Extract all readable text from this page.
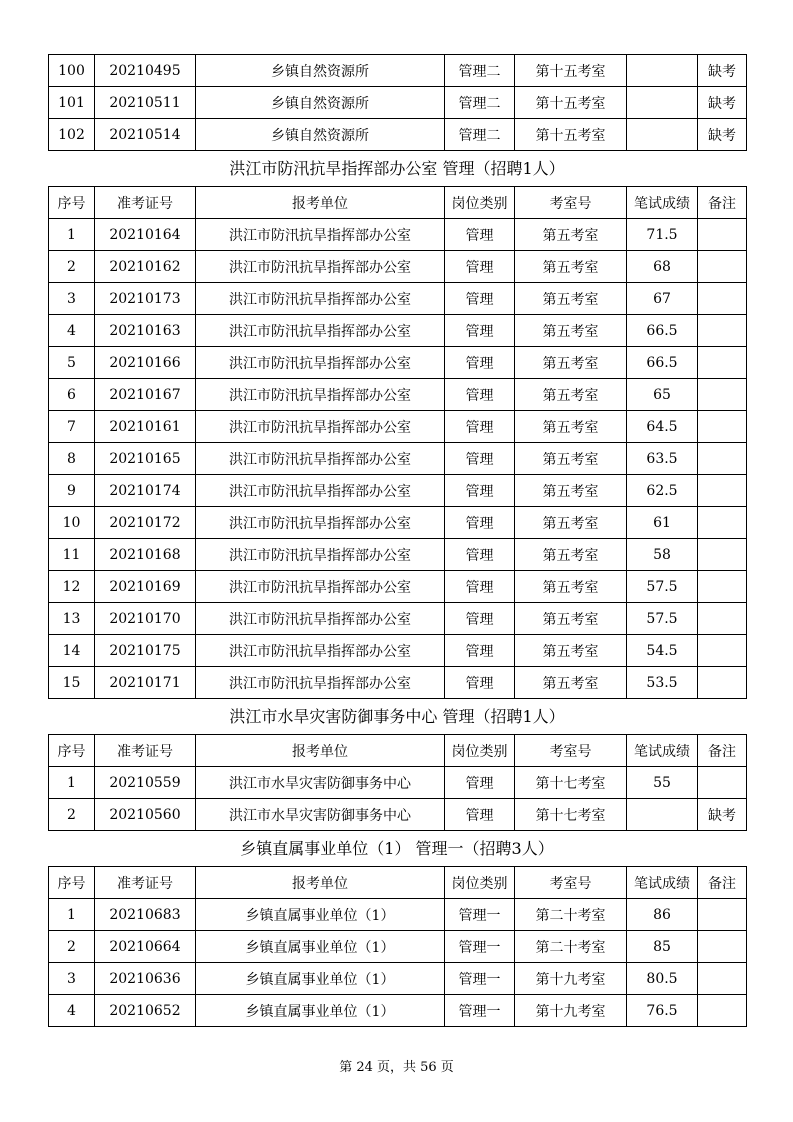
100	20210495	乡镇自然资源所	管理二	第十五考室		缺考
101	20210511	乡镇自然资源所	管理二	第十五考室		缺考
102	20210514	乡镇自然资源所	管理二	第十五考室		缺考
洪江市防汛抗旱指挥部办公室 管理（招聘1人）
序号	准考证号	报考单位	岗位类别	考室号	笔试成绩	备注
1	20210164	洪江市防汛抗旱指挥部办公室	管理	第五考室	71.5	
2	20210162	洪江市防汛抗旱指挥部办公室	管理	第五考室	68	
3	20210173	洪江市防汛抗旱指挥部办公室	管理	第五考室	67	
4	20210163	洪江市防汛抗旱指挥部办公室	管理	第五考室	66.5	
5	20210166	洪江市防汛抗旱指挥部办公室	管理	第五考室	66.5	
6	20210167	洪江市防汛抗旱指挥部办公室	管理	第五考室	65	
7	20210161	洪江市防汛抗旱指挥部办公室	管理	第五考室	64.5	
8	20210165	洪江市防汛抗旱指挥部办公室	管理	第五考室	63.5	
9	20210174	洪江市防汛抗旱指挥部办公室	管理	第五考室	62.5	
10	20210172	洪江市防汛抗旱指挥部办公室	管理	第五考室	61	
11	20210168	洪江市防汛抗旱指挥部办公室	管理	第五考室	58	
12	20210169	洪江市防汛抗旱指挥部办公室	管理	第五考室	57.5	
13	20210170	洪江市防汛抗旱指挥部办公室	管理	第五考室	57.5	
14	20210175	洪江市防汛抗旱指挥部办公室	管理	第五考室	54.5	
15	20210171	洪江市防汛抗旱指挥部办公室	管理	第五考室	53.5	
洪江市水旱灾害防御事务中心 管理（招聘1人）
序号	准考证号	报考单位	岗位类别	考室号	笔试成绩	备注
1	20210559	洪江市水旱灾害防御事务中心	管理	第十七考室	55	
2	20210560	洪江市水旱灾害防御事务中心	管理	第十七考室		缺考
乡镇直属事业单位（1） 管理一（招聘3人）
序号	准考证号	报考单位	岗位类别	考室号	笔试成绩	备注
1	20210683	乡镇直属事业单位（1）	管理一	第二十考室	86	
2	20210664	乡镇直属事业单位（1）	管理一	第二十考室	85	
3	20210636	乡镇直属事业单位（1）	管理一	第十九考室	80.5	
4	20210652	乡镇直属事业单位（1）	管理一	第十九考室	76.5	
第 24 页，共 56 页
